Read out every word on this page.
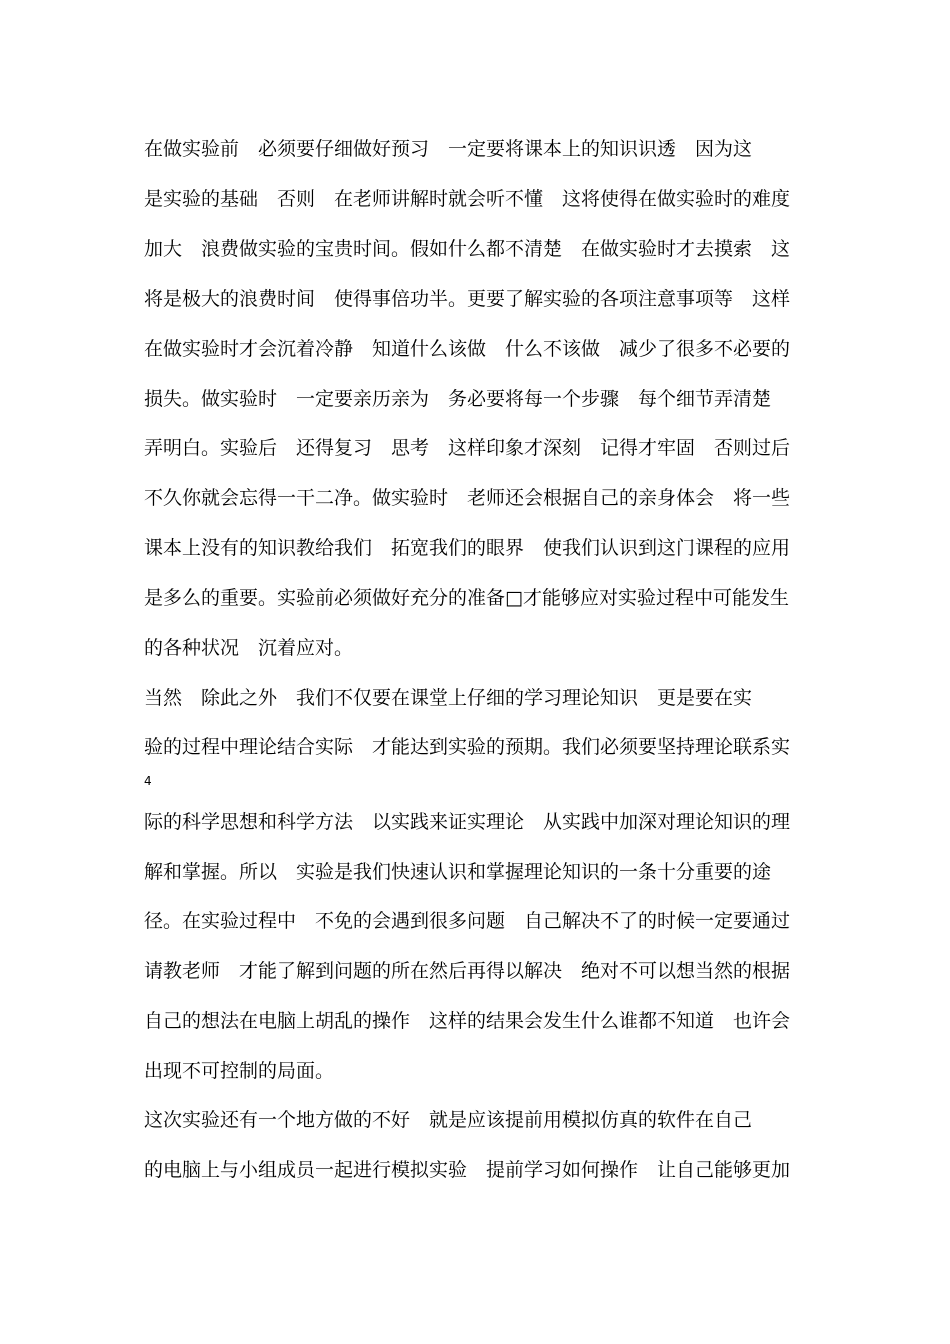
在做实验前　必须要仔细做好预习　一定要将课本上的知识识透　因为这

是实验的基础　否则　在老师讲解时就会听不懂　这将使得在做实验时的难度

加大　浪费做实验的宝贵时间。假如什么都不清楚　在做实验时才去摸索　这

将是极大的浪费时间　使得事倍功半。更要了解实验的各项注意事项等　这样

在做实验时才会沉着冷静　知道什么该做　什么不该做　减少了很多不必要的

损失。做实验时　一定要亲历亲为　务必要将每一个步骤　每个细节弄清楚

弄明白。实验后　还得复习　思考　这样印象才深刻　记得才牢固　否则过后

不久你就会忘得一干二净。做实验时　老师还会根据自己的亲身体会　将一些

课本上没有的知识教给我们　拓宽我们的眼界　使我们认识到这门课程的应用

是多么的重要。实验前必须做好充分的准备□才能够应对实验过程中可能发生

的各种状况　沉着应对。

当然　除此之外　我们不仅要在课堂上仔细的学习理论知识　更是要在实

验的过程中理论结合实际　才能达到实验的预期。我们必须要坚持理论联系实

4

际的科学思想和科学方法　以实践来证实理论　从实践中加深对理论知识的理

解和掌握。所以　实验是我们快速认识和掌握理论知识的一条十分重要的途

径。在实验过程中　不免的会遇到很多问题　自己解决不了的时候一定要通过

请教老师　才能了解到问题的所在然后再得以解决　绝对不可以想当然的根据

自己的想法在电脑上胡乱的操作　这样的结果会发生什么谁都不知道　也许会

出现不可控制的局面。

这次实验还有一个地方做的不好　就是应该提前用模拟仿真的软件在自己

的电脑上与小组成员一起进行模拟实验　提前学习如何操作　让自己能够更加
